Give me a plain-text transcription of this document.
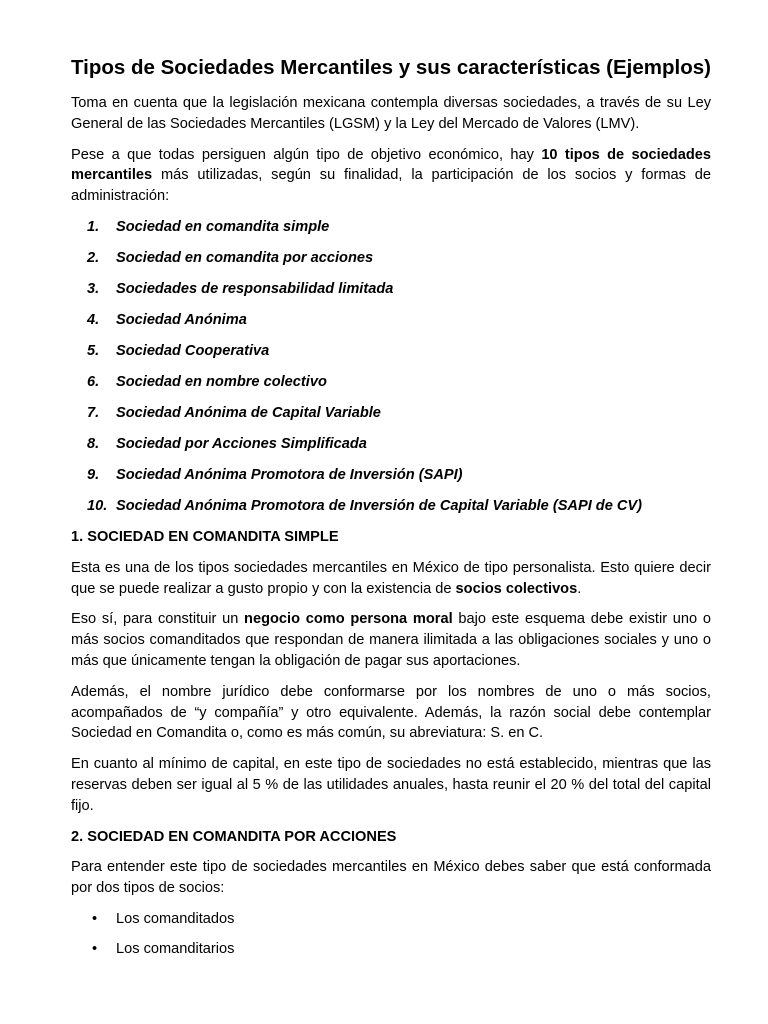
Tipos de Sociedades Mercantiles y sus características (Ejemplos)

Toma en cuenta que la legislación mexicana contempla diversas sociedades, a través de su Ley General de las Sociedades Mercantiles (LGSM) y la Ley del Mercado de Valores (LMV).

Pese a que todas persiguen algún tipo de objetivo económico, hay 10 tipos de sociedades mercantiles más utilizadas, según su finalidad, la participación de los socios y formas de administración:

1. Sociedad en comandita simple
2. Sociedad en comandita por acciones
3. Sociedades de responsabilidad limitada
4. Sociedad Anónima
5. Sociedad Cooperativa
6. Sociedad en nombre colectivo
7. Sociedad Anónima de Capital Variable
8. Sociedad por Acciones Simplificada
9. Sociedad Anónima Promotora de Inversión (SAPI)
10. Sociedad Anónima Promotora de Inversión de Capital Variable (SAPI de CV)
1. SOCIEDAD EN COMANDITA SIMPLE

Esta es una de los tipos sociedades mercantiles en México de tipo personalista. Esto quiere decir que se puede realizar a gusto propio y con la existencia de socios colectivos.

Eso sí, para constituir un negocio como persona moral bajo este esquema debe existir uno o más socios comanditados que respondan de manera ilimitada a las obligaciones sociales y uno o más que únicamente tengan la obligación de pagar sus aportaciones.

Además, el nombre jurídico debe conformarse por los nombres de uno o más socios, acompañados de “y compañía” y otro equivalente. Además, la razón social debe contemplar Sociedad en Comandita o, como es más común, su abreviatura: S. en C.

En cuanto al mínimo de capital, en este tipo de sociedades no está establecido, mientras que las reservas deben ser igual al 5 % de las utilidades anuales, hasta reunir el 20 % del total del capital fijo.

2. SOCIEDAD EN COMANDITA POR ACCIONES

Para entender este tipo de sociedades mercantiles en México debes saber que está conformada por dos tipos de socios:

• Los comanditados
• Los comanditarios
